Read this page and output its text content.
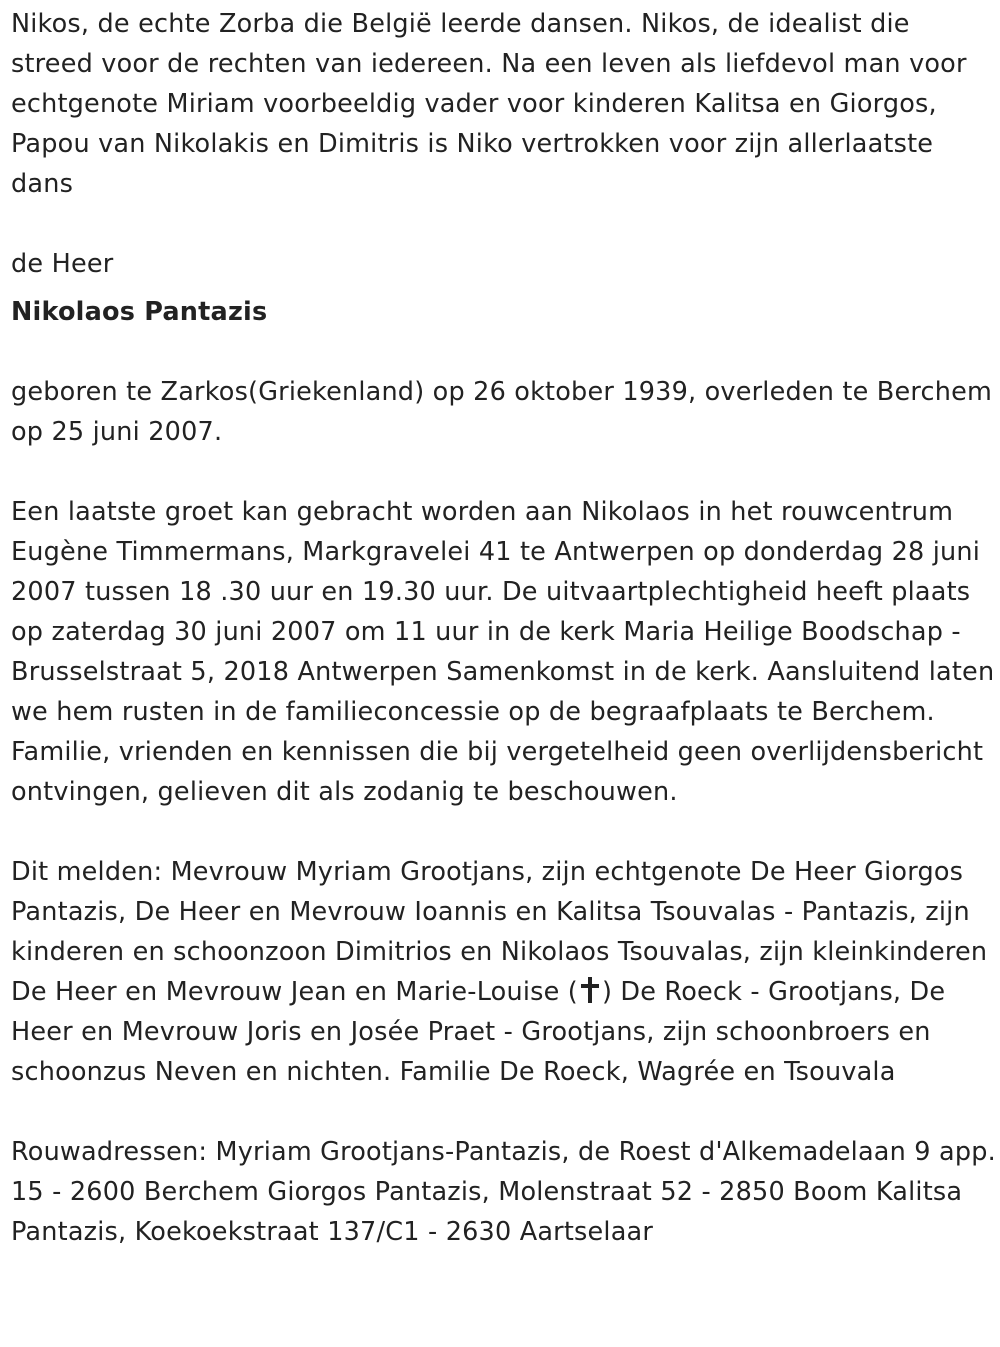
Nikos, de echte Zorba die België leerde dansen. Nikos, de idealist die streed voor de rechten van iedereen. Na een leven als liefdevol man voor echtgenote Miriam voorbeeldig vader voor kinderen Kalitsa en Giorgos, Papou van Nikolakis en Dimitris is Niko vertrokken voor zijn allerlaatste dans

de Heer

Nikolaos Pantazis

geboren te Zarkos(Griekenland) op 26 oktober 1939, overleden te Berchem op 25 juni 2007.

Een laatste groet kan gebracht worden aan Nikolaos in het rouwcentrum Eugène Timmermans, Markgravelei 41 te Antwerpen op donderdag 28 juni 2007 tussen 18 .30 uur en 19.30 uur. De uitvaartplechtigheid heeft plaats op zaterdag 30 juni 2007 om 11 uur in de kerk Maria Heilige Boodschap - Brusselstraat 5, 2018 Antwerpen Samenkomst in de kerk. Aansluitend laten we hem rusten in de familieconcessie op de begraafplaats te Berchem. Familie, vrienden en kennissen die bij vergetelheid geen overlijdensbericht ontvingen, gelieven dit als zodanig te beschouwen.

Dit melden: Mevrouw Myriam Grootjans, zijn echtgenote De Heer Giorgos Pantazis, De Heer en Mevrouw Ioannis en Kalitsa Tsouvalas - Pantazis, zijn kinderen en schoonzoon Dimitrios en Nikolaos Tsouvalas, zijn kleinkinderen De Heer en Mevrouw Jean en Marie-Louise ( ) De Roeck - Grootjans, De Heer en Mevrouw Joris en Josée Praet - Grootjans, zijn schoonbroers en schoonzus Neven en nichten. Familie De Roeck, Wagrée en Tsouvala

Rouwadressen: Myriam Grootjans-Pantazis, de Roest d'Alkemadelaan 9 app. 15 - 2600 Berchem Giorgos Pantazis, Molenstraat 52 - 2850 Boom Kalitsa Pantazis, Koekoekstraat 137/C1 - 2630 Aartselaar
